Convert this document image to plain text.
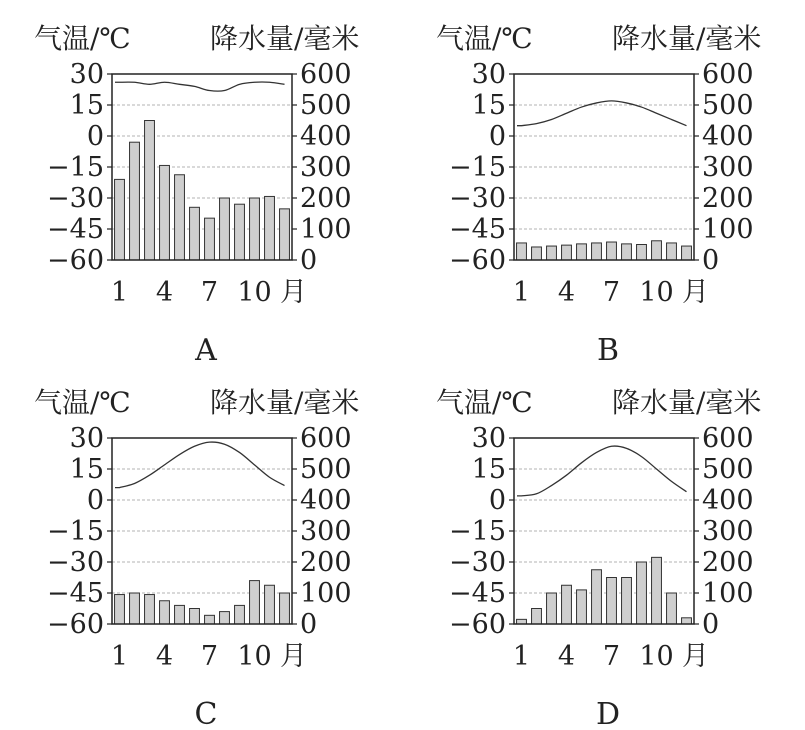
气温/℃	降水量/毫米
30
15
0
−15
−30
−45
−60
600
500
400
300
200
100
0
1 4 7 10 月
A
气温/℃	降水量/毫米
30
15
0
−15
−30
−45
−60
600
500
400
300
200
100
0
1 4 7 10 月
B
气温/℃	降水量/毫米
30
15
0
−15
−30
−45
−60
600
500
400
300
200
100
0
1 4 7 10 月
C
气温/℃	降水量/毫米
30
15
0
−15
−30
−45
−60
600
500
400
300
200
100
0
1 4 7 10 月
D
